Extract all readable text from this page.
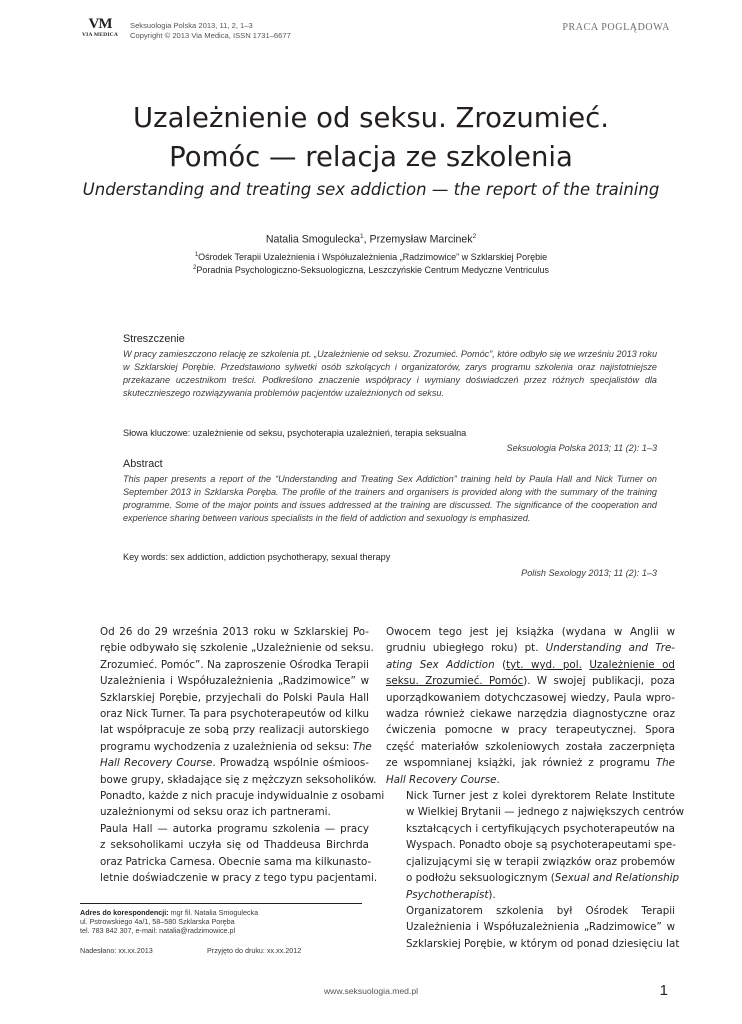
VM
VIA MEDICA
Seksuologia Polska 2013, 11, 2, 1–3
Copyright © 2013 Via Medica, ISSN 1731–6677
PRACA POGLĄDOWA
Uzależnienie od seksu. Zrozumieć.
Pomóc — relacja ze szkolenia
Understanding and treating sex addiction — the report of the training
Natalia Smogulecka$^1$, Przemysław Marcinek$^2$
$^1$Ośrodek Terapii Uzależnienia i Współuzależnienia „Radzimowice” w Szklarskiej Porębie
$^2$Poradnia Psychologiczno-Seksuologiczna, Leszczyńskie Centrum Medyczne Ventriculus
Streszczenie

W pracy zamieszczono relację ze szkolenia pt. „Uzależnienie od seksu. Zrozumieć. Pomóc”, które odbyło się we wrześniu 2013 roku w Szklarskiej Porębie. Przedstawiono sylwetki osób szkolących i organizatorów, zarys programu szkolenia oraz najistotniejsze przekazane uczestnikom treści. Podkreślono znaczenie współpracy i wymiany doświadczeń przez różnych specjalistów dla skutecznieszego rozwiązywania problemów pacjentów uzależnionych od seksu.

Słowa kluczowe: uzależnienie od seksu, psychoterapia uzależnień, terapia seksualna
Seksuologia Polska 2013; 11 (2): 1–3
Abstract

This paper presents a report of the “Understanding and Treating Sex Addiction” training held by Paula Hall and Nick Turner on September 2013 in Szklarska Poręba. The profile of the trainers and organisers is provided along with the summary of the training programme. Some of the major points and issues addressed at the training are discussed. The significance of the cooperation and experience sharing between various specialists in the field of addiction and sexuology is emphasized.

Key words: sex addiction, addiction psychotherapy, sexual therapy
Polish Sexology 2013; 11 (2): 1–3

Od 26 do 29 września 2013 roku w Szklarskiej Po-
rębie odbywało się szkolenie „Uzależnienie od seksu.
Zrozumieć. Pomóc”. Na zaproszenie Ośrodka Terapii
Uzależnienia i Współuzależnienia „Radzimowice” w
Szklarskiej Porębie, przyjechali do Polski Paula Hall
oraz Nick Turner. Ta para psychoterapeutów od kilku
lat współpracuje ze sobą przy realizacji autorskiego
programu wychodzenia z uzależnienia od seksu: The
Hall Recovery Course. Prowadzą wspólnie ośmioos-
bowe grupy, składające się z mężczyzn seksoholików.
Ponadto, każde z nich pracuje indywidualnie z osobami
uzależnionymi od seksu oraz ich partnerami.

Paula Hall — autorka programu szkolenia — pracy
z seksoholikami uczyła się od Thaddeusa Birchrda
oraz Patricka Carnesa. Obecnie sama ma kilkunasto-
letnie doświadczenie w pracy z tego typu pacjentami.

Owocem tego jest jej książka (wydana w Anglii w
grudniu ubiegłego roku) pt. Understanding and Tre-
ating Sex Addiction (tyt. wyd. pol. Uzależnienie od
seksu. Zrozumieć. Pomóc). W swojej publikacji, poza
uporządkowaniem dotychczasowej wiedzy, Paula wpro-
wadza również ciekawe narzędzia diagnostyczne oraz
ćwiczenia pomocne w pracy terapeutycznej. Spora
część materiałów szkoleniowych została zaczerpnięta
ze wspomnianej książki, jak również z programu The
Hall Recovery Course.

Nick Turner jest z kolei dyrektorem Relate Institute
w Wielkiej Brytanii — jednego z największych centrów
kształcących i certyfikujących psychoterapeutów na
Wyspach. Ponadto oboje są psychoterapeutami spe-
cjalizującymi się w terapii związków oraz probemów
o podłożu seksuologicznym (Sexual and Relationship
Psychotherapist).

Organizatorem szkolenia był Ośrodek Terapii
Uzależnienia i Współuzależnienia „Radzimowice” w
Szklarskiej Porębie, w którym od ponad dziesięciu lat

Adres do korespondencji: mgr fil. Natalia Smogulecka
ul. Pstrowskiego 4a/1, 58–580 Szklarska Poręba
tel. 783 842 307, e-mail: natalia@radzimowice.pl
Nadesłano: xx.xx.2013	Przyjęto do druku: xx.xx.2012
www.seksuologia.med.pl	1
